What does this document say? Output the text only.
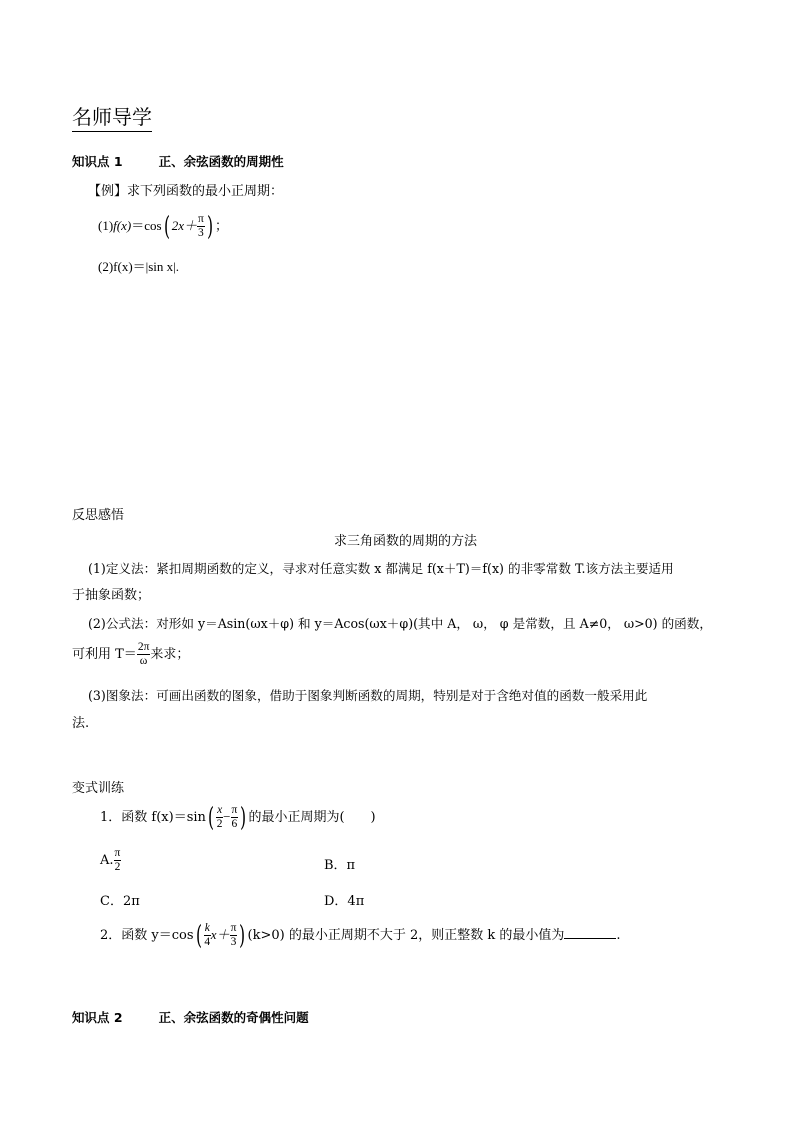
名师导学
知识点 1	正、余弦函数的周期性
【例】求下列函数的最小正周期：
(1)f(x)＝cos( $2x+ \frac{\pi}{3}$ ) ；
(2)f(x)＝|sin x|.
反思感悟
求三角函数的周期的方法
(1)定义法：紧扣周期函数的定义，寻求对任意实数 x 都满足 f(x＋T)＝f(x) 的非零常数 T.该方法主要适用
于抽象函数；
(2)公式法：对形如 y＝Asin(ωx＋φ) 和 y＝Acos(ωx＋φ)(其中 A， ω， φ 是常数，且 A≠0， ω>0) 的函数，
可利用 $T= \frac{2\pi}{\omega}$ 来求；
(3)图象法：可画出函数的图象，借助于图象判断函数的周期，特别是对于含绝对值的函数一般采用此
法.
变式训练
1．函数 $f(x)=\sin( \frac{x}{2} - \frac{\pi}{6}$ ) 的最小正周期为(　　)
A. $\frac{\pi}{2}$	B．π
C．2π	D．4π
2．函数 $y=\cos( \frac{k}{4} x+ \frac{\pi}{3}$ ) (k>0) 的最小正周期不大于 2，则正整数 k 的最小值为	.
知识点 2	正、余弦函数的奇偶性问题
